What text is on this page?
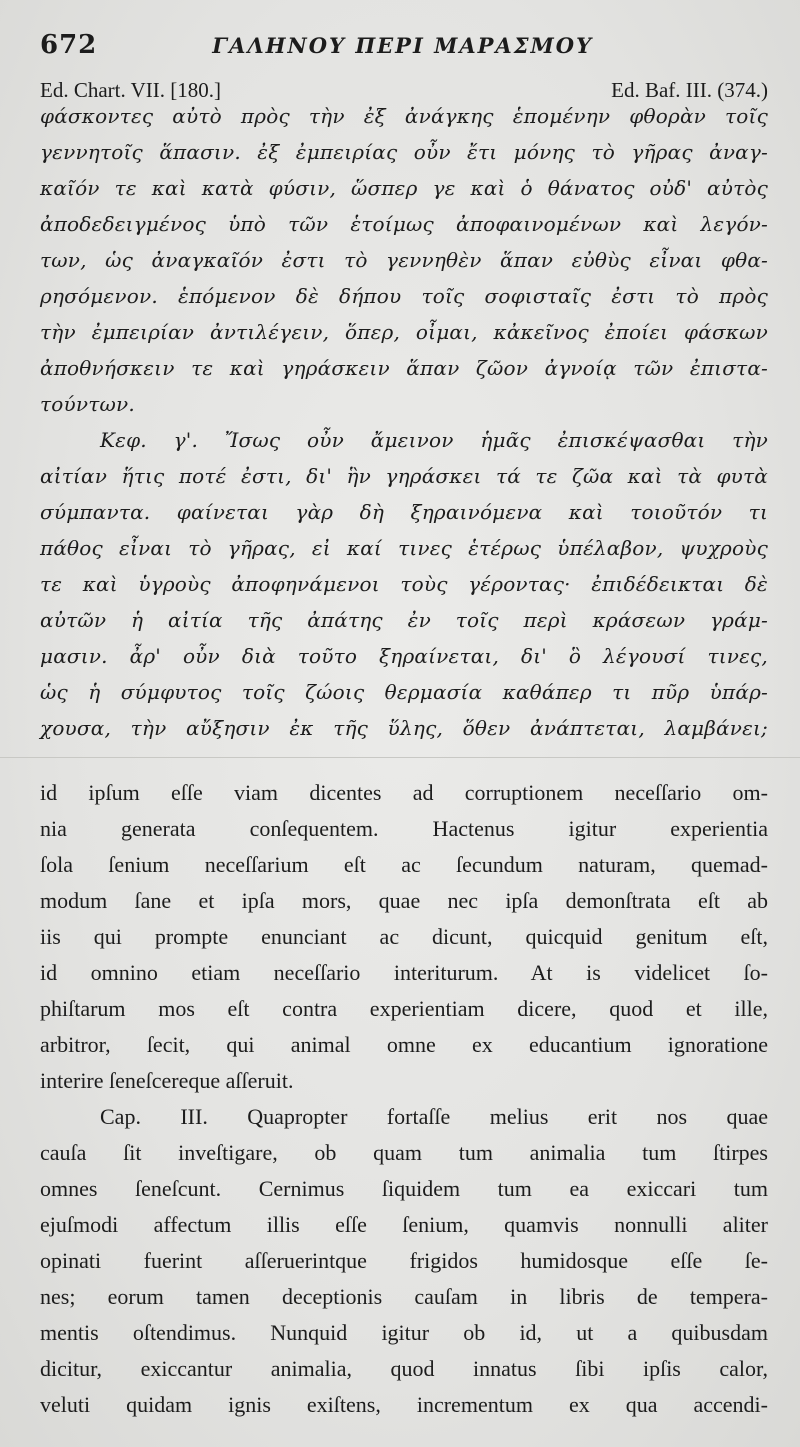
672	ΓΑΛΗΝΟΥ ΠΕΡΙ ΜΑΡΑΣΜΟΥ
Ed. Chart. VII. [180.]	Ed. Baf. III. (374.)
φάσκοντες αὐτὸ πρὸς τὴν ἐξ ἀνάγκης ἑπομένην φθορὰν τοῖς
γεννητοῖς ἅπασιν. ἐξ ἐμπειρίας οὖν ἔτι μόνης τὸ γῆρας ἀναγ-
καῖόν τε καὶ κατὰ φύσιν, ὥσπερ γε καὶ ὁ θάνατος οὐδ' αὐτὸς
ἀποδεδειγμένος ὑπὸ τῶν ἑτοίμως ἀποφαινομένων καὶ λεγόν-
των, ὡς ἀναγκαῖόν ἐστι τὸ γεννηθὲν ἅπαν εὐθὺς εἶναι φθα-
ρησόμενον. ἑπόμενον δὲ δήπου τοῖς σοφισταῖς ἐστι τὸ πρὸς
τὴν ἐμπειρίαν ἀντιλέγειν, ὅπερ, οἶμαι, κἀκεῖνος ἐποίει φάσκων
ἀποθνήσκειν τε καὶ γηράσκειν ἅπαν ζῶον ἀγνοίᾳ τῶν ἐπιστα-
τούντων.
Κεφ. γ'. Ἴσως οὖν ἄμεινον ἡμᾶς ἐπισκέψασθαι τὴν
αἰτίαν ἥτις ποτέ ἐστι, δι' ἣν γηράσκει τά τε ζῶα καὶ τὰ φυτὰ
σύμπαντα. φαίνεται γὰρ δὴ ξηραινόμενα καὶ τοιοῦτόν τι
πάθος εἶναι τὸ γῆρας, εἰ καί τινες ἑτέρως ὑπέλαβον, ψυχροὺς
τε καὶ ὑγροὺς ἀποφηνάμενοι τοὺς γέροντας· ἐπιδέδεικται δὲ
αὐτῶν ἡ αἰτία τῆς ἀπάτης ἐν τοῖς περὶ κράσεων γράμ-
μασιν. ἆρ' οὖν διὰ τοῦτο ξηραίνεται, δι' ὃ λέγουσί τινες,
ὡς ἡ σύμφυτος τοῖς ζώοις θερμασία καθάπερ τι πῦρ ὑπάρ-
χουσα, τὴν αὔξησιν ἐκ τῆς ὕλης, ὅθεν ἀνάπτεται, λαμβάνει;
id ipſum eſſe viam dicentes ad corruptionem neceſſario om-
nia generata conſequentem. Hactenus igitur experientia
ſola ſenium neceſſarium eſt ac ſecundum naturam, quemad-
modum ſane et ipſa mors, quae nec ipſa demonſtrata eſt ab
iis qui prompte enunciant ac dicunt, quicquid genitum eſt,
id omnino etiam neceſſario interiturum. At is videlicet ſo-
phiſtarum mos eſt contra experientiam dicere, quod et ille,
arbitror, ſecit, qui animal omne ex educantium ignoratione
interire ſeneſcereque aſſeruit.
Cap. III. Quapropter fortaſſe melius erit nos quae
cauſa ſit inveſtigare, ob quam tum animalia tum ſtirpes
omnes ſeneſcunt. Cernimus ſiquidem tum ea exiccari tum
ejuſmodi affectum illis eſſe ſenium, quamvis nonnulli aliter
opinati fuerint aſſeruerintque frigidos humidosque eſſe ſe-
nes; eorum tamen deceptionis cauſam in libris de tempera-
mentis oſtendimus. Nunquid igitur ob id, ut a quibusdam
dicitur, exiccantur animalia, quod innatus ſibi ipſis calor,
veluti quidam ignis exiſtens, incrementum ex qua accendi-
